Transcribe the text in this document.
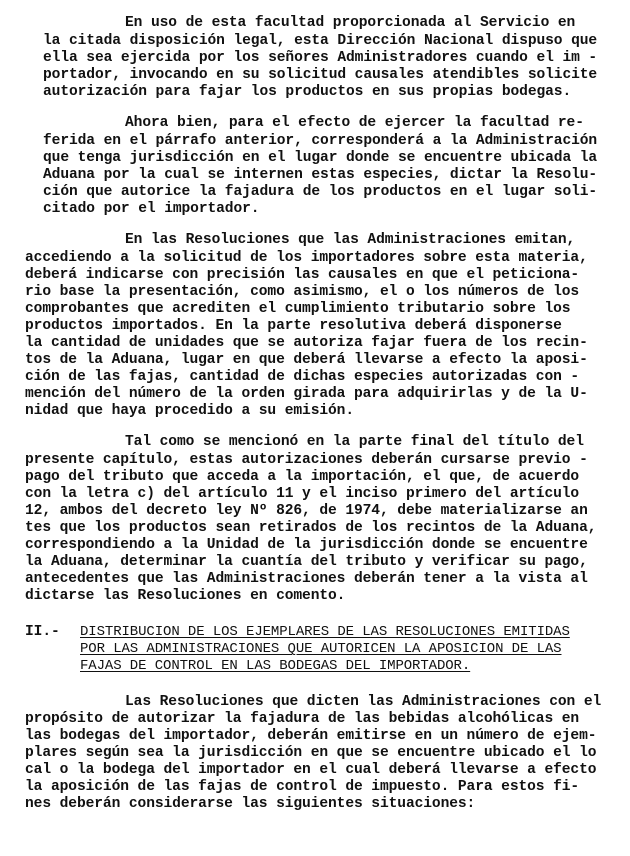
En uso de esta facultad proporcionada al Servicio en
la citada disposición legal, esta Dirección Nacional dispuso que
ella sea ejercida por los señores Administradores cuando el im -
portador, invocando en su solicitud causales atendibles solicite
autorización para fajar los productos en sus propias bodegas.
Ahora bien, para el efecto de ejercer la facultad re-
ferida en el párrafo anterior, corresponderá a la Administración
que tenga jurisdicción en el lugar donde se encuentre ubicada la
Aduana por la cual se internen estas especies, dictar la Resolu-
ción que autorice la fajadura de los productos en el lugar soli-
citado por el importador.
En las Resoluciones que las Administraciones emitan,
accediendo a la solicitud de los importadores sobre esta materia,
deberá indicarse con precisión las causales en que el peticiona-
rio base la presentación, como asimismo, el o los números de los
comprobantes que acrediten el cumplimiento tributario sobre los
productos importados. En la parte resolutiva deberá disponerse
la cantidad de unidades que se autoriza fajar fuera de los recin-
tos de la Aduana, lugar en que deberá llevarse a efecto la aposi-
ción de las fajas, cantidad de dichas especies autorizadas con -
mención del número de la orden girada para adquirirlas y de la U-
nidad que haya procedido a su emisión.
Tal como se mencionó en la parte final del título del
presente capítulo, estas autorizaciones deberán cursarse previo -
pago del tributo que acceda a la importación, el que, de acuerdo
con la letra c) del artículo 11 y el inciso primero del artículo
12, ambos del decreto ley Nº 826, de 1974, debe materializarse an
tes que los productos sean retirados de los recintos de la Aduana,
correspondiendo a la Unidad de la jurisdicción donde se encuentre
la Aduana, determinar la cuantía del tributo y verificar su pago,
antecedentes que las Administraciones deberán tener a la vista al
dictarse las Resoluciones en comento.
II.- DISTRIBUCION DE LOS EJEMPLARES DE LAS RESOLUCIONES EMITIDAS
POR LAS ADMINISTRACIONES QUE AUTORICEN LA APOSICION DE LAS
FAJAS DE CONTROL EN LAS BODEGAS DEL IMPORTADOR.
Las Resoluciones que dicten las Administraciones con el
propósito de autorizar la fajadura de las bebidas alcohólicas en
las bodegas del importador, deberán emitirse en un número de ejem-
plares según sea la jurisdicción en que se encuentre ubicado el lo
cal o la bodega del importador en el cual deberá llevarse a efecto
la aposición de las fajas de control de impuesto. Para estos fi-
nes deberán considerarse las siguientes situaciones:
